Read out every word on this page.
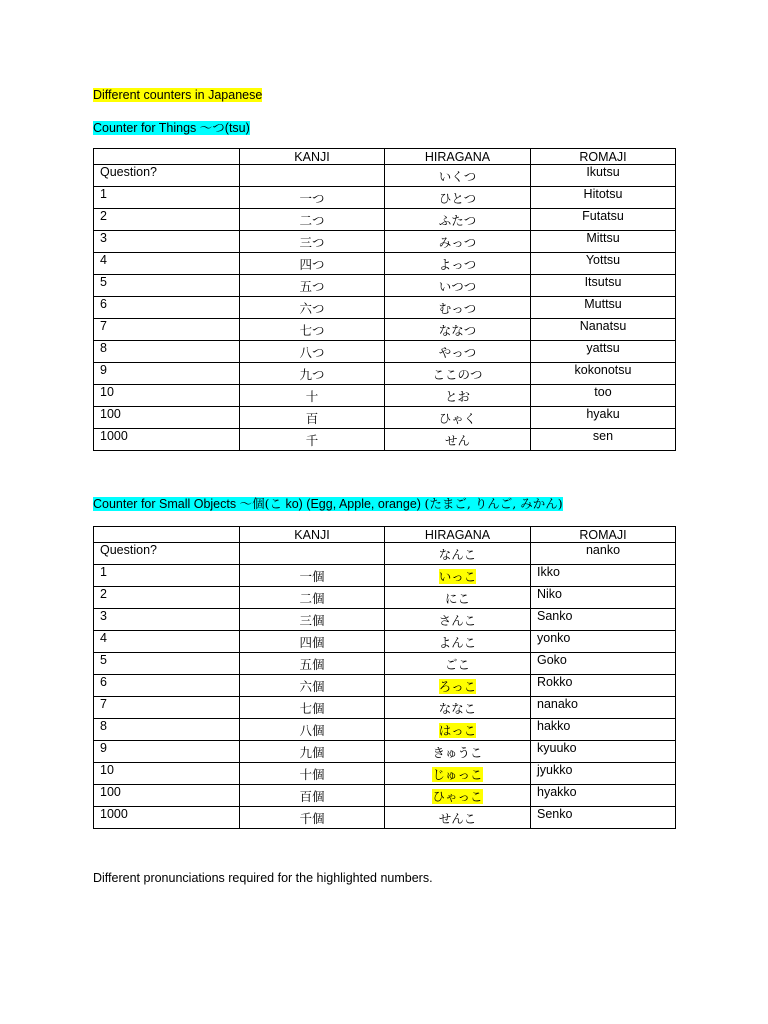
Different counters in Japanese
Counter for Things ～つ(tsu)
	KANJI	HIRAGANA	ROMAJI
Question?		いくつ	Ikutsu
1	一つ	ひとつ	Hitotsu
2	二つ	ふたつ	Futatsu
3	三つ	みっつ	Mittsu
4	四つ	よっつ	Yottsu
5	五つ	いつつ	Itsutsu
6	六つ	むっつ	Muttsu
7	七つ	ななつ	Nanatsu
8	八つ	やっつ	yattsu
9	九つ	ここのつ	kokonotsu
10	十	とお	too
100	百	ひゃく	hyaku
1000	千	せん	sen
Counter for Small Objects ～個(こ ko) (Egg, Apple, orange) (たまご, りんご, みかん)
	KANJI	HIRAGANA	ROMAJI
Question?		なんこ	nanko
1	一個	いっこ	Ikko
2	二個	にこ	Niko
3	三個	さんこ	Sanko
4	四個	よんこ	yonko
5	五個	ごこ	Goko
6	六個	ろっこ	Rokko
7	七個	ななこ	nanako
8	八個	はっこ	hakko
9	九個	きゅうこ	kyuuko
10	十個	じゅっこ	jyukko
100	百個	ひゃっこ	hyakko
1000	千個	せんこ	Senko
Different pronunciations required for the highlighted numbers.
